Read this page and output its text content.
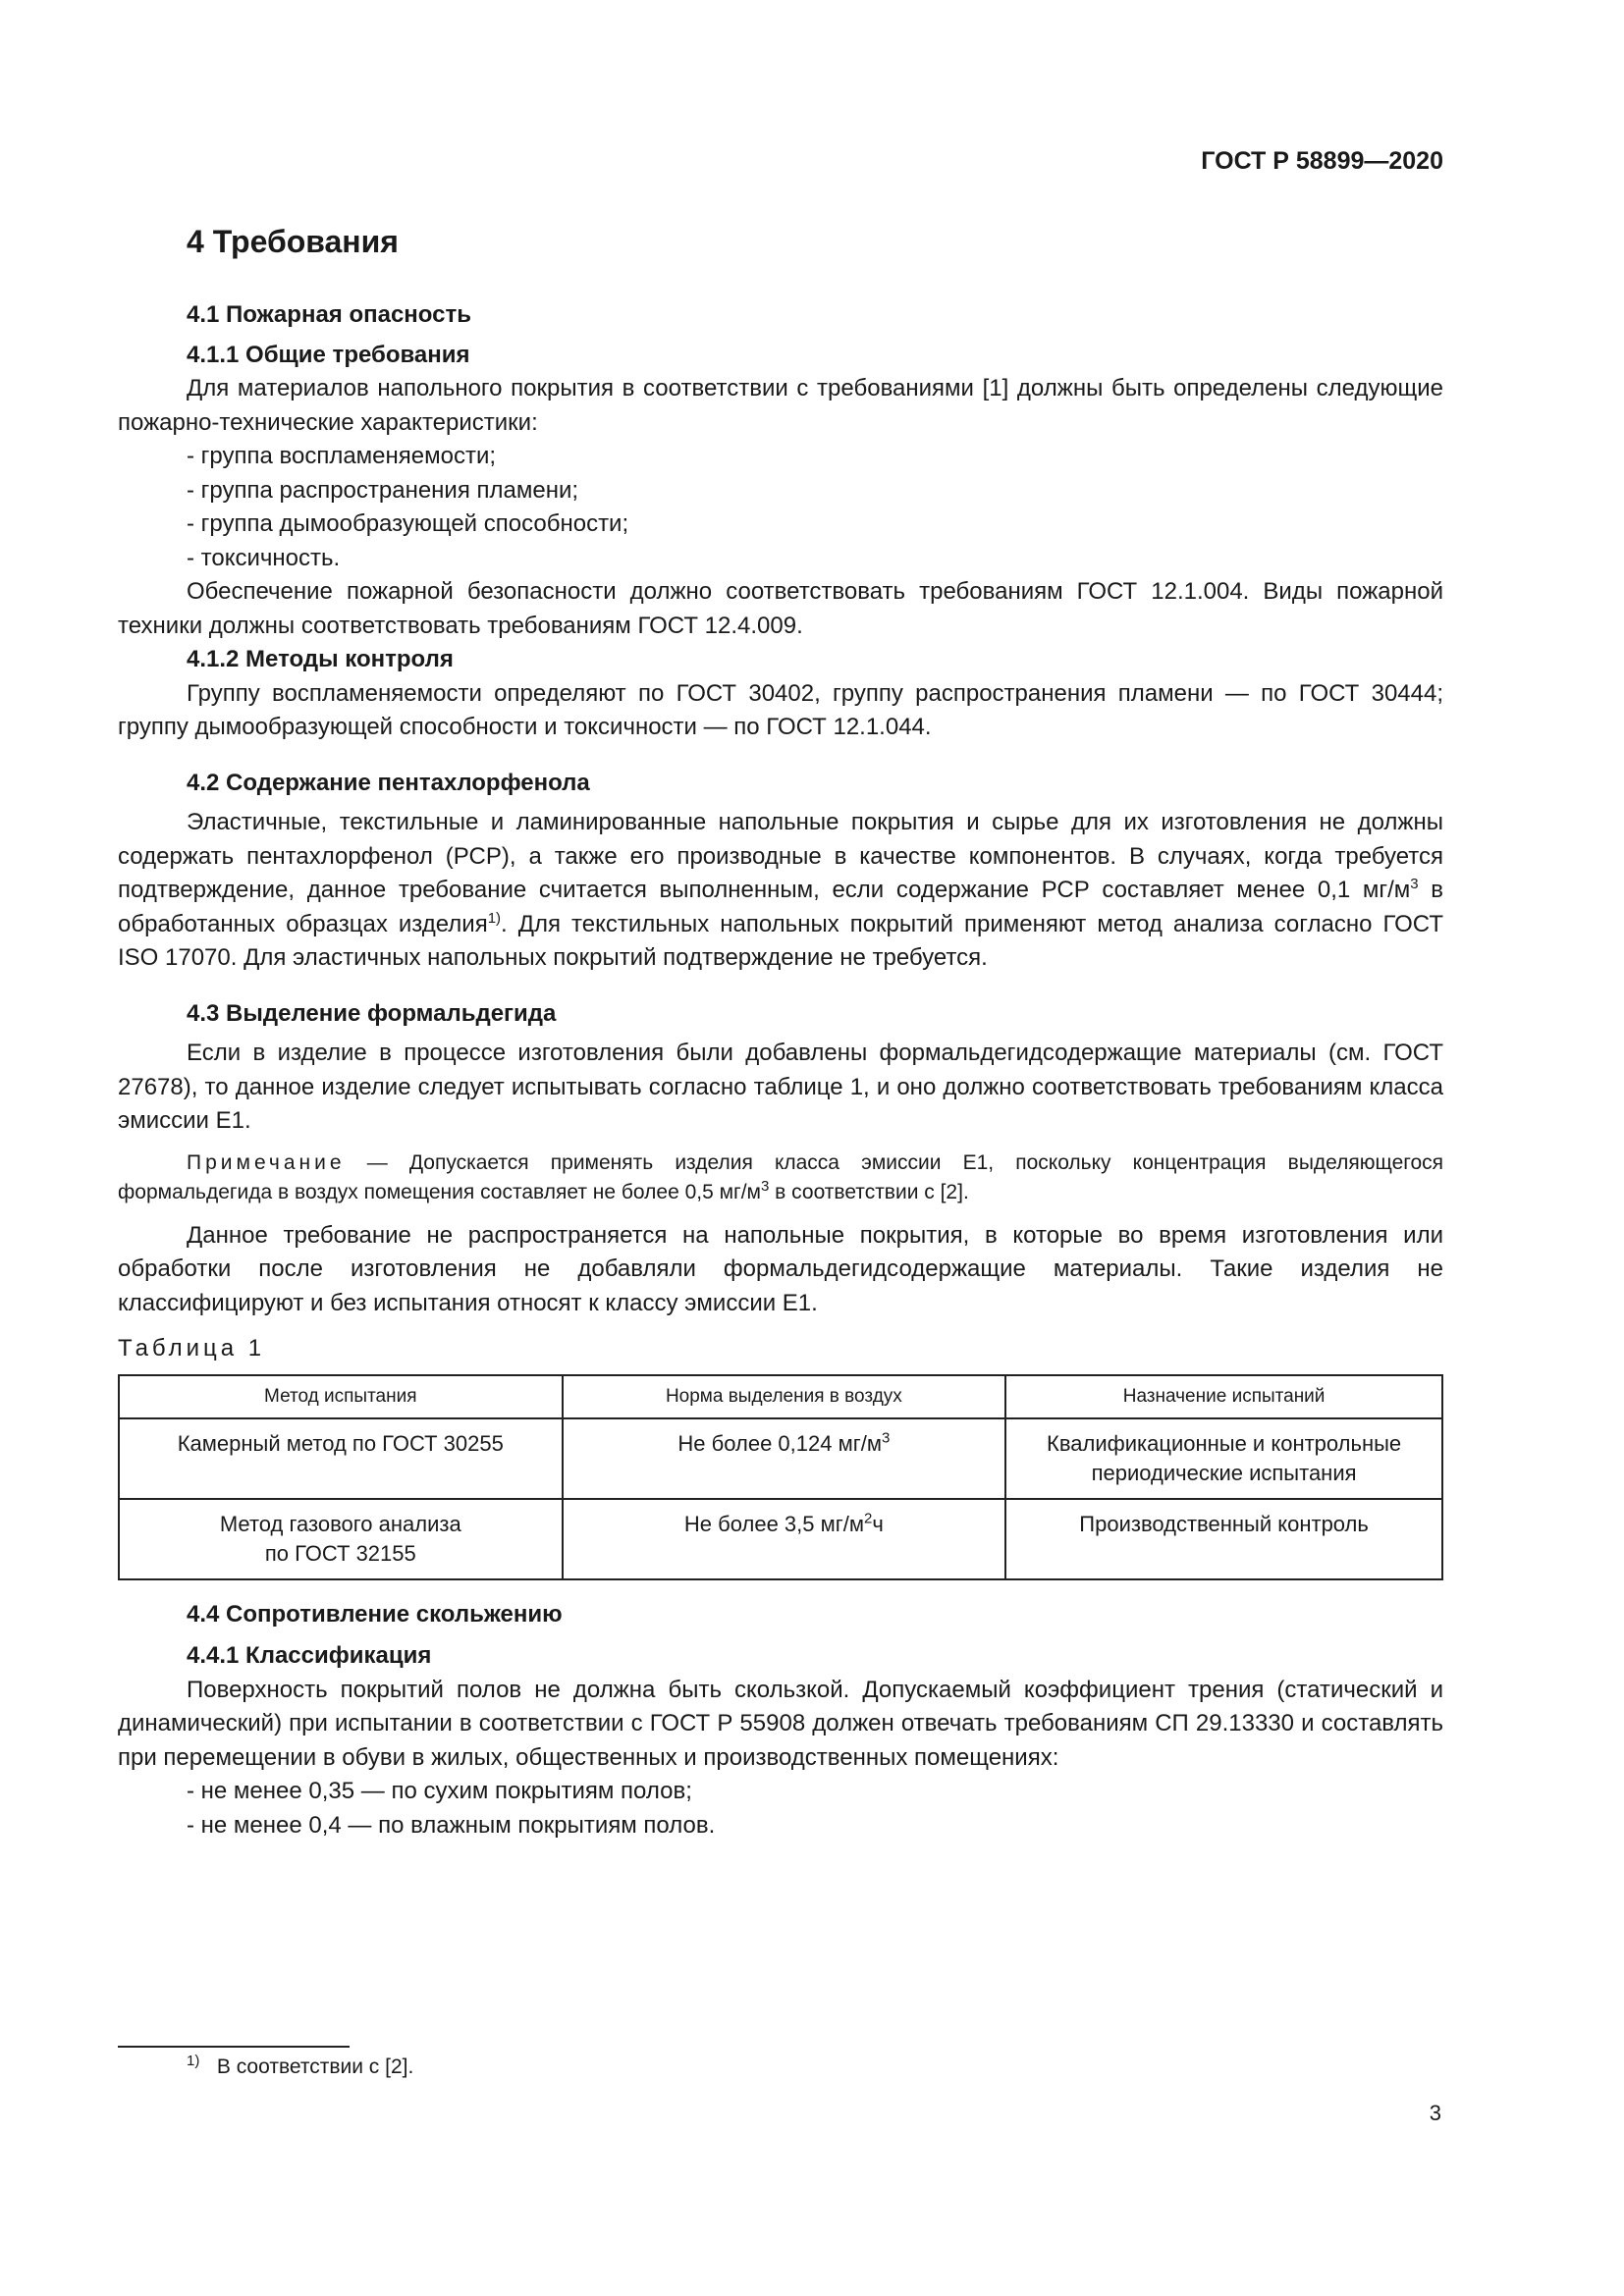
ГОСТ Р 58899—2020
4 Требования
4.1 Пожарная опасность
4.1.1 Общие требования

Для материалов напольного покрытия в соответствии с требованиями [1] должны быть определены следующие пожарно-технические характеристики:

- группа воспламеняемости;
- группа распространения пламени;
- группа дымообразующей способности;
- токсичность.

Обеспечение пожарной безопасности должно соответствовать требованиям ГОСТ 12.1.004. Виды пожарной техники должны соответствовать требованиям ГОСТ 12.4.009.

4.1.2 Методы контроля

Группу воспламеняемости определяют по ГОСТ 30402, группу распространения пламени — по ГОСТ 30444; группу дымообразующей способности и токсичности — по ГОСТ 12.1.044.

4.2 Содержание пентахлорфенола

Эластичные, текстильные и ламинированные напольные покрытия и сырье для их изготовления не должны содержать пентахлорфенол (РСР), а также его производные в качестве компонентов. В случаях, когда требуется подтверждение, данное требование считается выполненным, если содержание РСР составляет менее 0,1 $мг/м^3$ в обработанных образцах изделия$^{1)}$. Для текстильных напольных покрытий применяют метод анализа согласно ГОСТ ISO 17070. Для эластичных напольных покрытий подтверждение не требуется.

4.3 Выделение формальдегида

Если в изделие в процессе изготовления были добавлены формальдегидсодержащие материалы (см. ГОСТ 27678), то данное изделие следует испытывать согласно таблице 1, и оно должно соответствовать требованиям класса эмиссии Е1.

Примечание — Допускается применять изделия класса эмиссии Е1, поскольку концентрация выделяющегося формальдегида в воздух помещения составляет не более 0,5 $мг/м^3$ в соответствии с [2].

Данное требование не распространяется на напольные покрытия, в которые во время изготовления или обработки после изготовления не добавляли формальдегидсодержащие материалы. Такие изделия не классифицируют и без испытания относят к классу эмиссии Е1.

Таблица 1
Метод испытания	Норма выделения в воздух	Назначение испытаний
Камерный метод по ГОСТ 30255	Не более 0,124 $мг/м^3$	Квалификационные и контрольные периодические испытания
Метод газового анализа
по ГОСТ 32155	Не более 3,5 $мг/м^2ч$	Производственный контроль
4.4 Сопротивление скольжению
4.4.1 Классификация

Поверхность покрытий полов не должна быть скользкой. Допускаемый коэффициент трения (статический и динамический) при испытании в соответствии с ГОСТ Р 55908 должен отвечать требованиям СП 29.13330 и составлять при перемещении в обуви в жилых, общественных и производственных помещениях:

- не менее 0,35 — по сухим покрытиям полов;
- не менее 0,4 — по влажным покрытиям полов.
$^{1)}$ В соответствии с [2].
3
